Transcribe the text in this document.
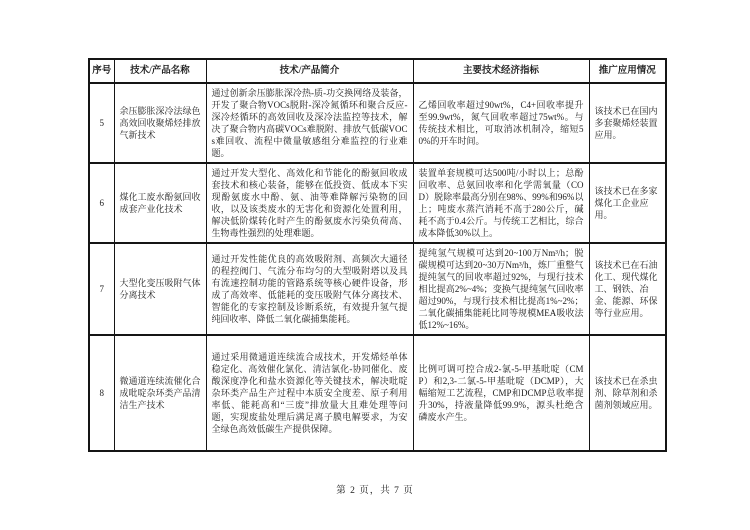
序号	技术/产品名称	技术/产品简介	主要技术经济指标	推广应用情况
5	余压膨胀深冷法绿色高效回收聚烯烃排放气新技术	通过创新余压膨胀深冷热-质-功交换网络及装备，开发了聚合物VOCs脱附-深冷氮循环和聚合反应-深冷烃循环的高效回收及深冷法监控等技术，解决了聚合物内高碳VOCs难脱附、排放气低碳VOCs难回收、流程中微量敏感组分难监控的行业难题。	乙烯回收率超过90wt%，C4+回收率提升至99.9wt%，氮气回收率超过75wt%。与传统技术相比，可取消冰机制冷，缩短50%的开车时间。	该技术已在国内多套聚烯烃装置应用。
6	煤化工废水酚氨回收成套产业化技术	通过开发大型化、高效化和节能化的酚氨回收成套技术和核心装备，能够在低投资、低成本下实现酚氨废水中酚、氨、油等难降解污染物的回收，以及该类废水的无害化和资源化处置利用，解决低阶煤转化时产生的酚氨废水污染负荷高、生物毒性强烈的处理难题。	装置单套规模可达500吨/小时以上；总酚回收率、总氨回收率和化学需氧量（COD）脱除率最高分别在98%、99%和96%以上；吨废水蒸汽消耗不高于280公斤，碱耗不高于0.4公斤。与传统工艺相比，综合成本降低30%以上。	该技术已在多家煤化工企业应用。
7	大型化变压吸附气体分离技术	通过开发性能优良的高效吸附剂、高频次大通径的程控阀门、气流分布均匀的大型吸附塔以及具有流速控制功能的管路系统等核心硬件设备，形成了高效率、低能耗的变压吸附气体分离技术、智能化的专家控制及诊断系统，有效提升氢气提纯回收率、降低二氧化碳捕集能耗。	提纯氢气规模可达到20~100万Nm³/h；脱碳规模可达到20~30万Nm³/h，炼厂重整气提纯氢气的回收率超过92%，与现行技术相比提高2%~4%；变换气提纯氢气回收率超过90%，与现行技术相比提高1%~2%；二氧化碳捕集能耗比同等规模MEA吸收法低12%~16%。	该技术已在石油化工、现代煤化工、钢铁、冶金、能源、环保等行业应用。
8	微通道连续流催化合成吡啶杂环类产品清洁生产技术	通过采用微通道连续流合成技术，开发烯烃单体稳定化、高效催化氯化、清洁氯化-协同催化、废酸深度净化和盐水资源化等关键技术，解决吡啶杂环类产品生产过程中本质安全度差、原子利用率低、能耗高和“三废”排放量大且难处理等问题，实现废盐处理后满足离子膜电解要求，为安全绿色高效低碳生产提供保障。	比例可调可控合成2-氯-5-甲基吡啶（CMP）和2,3-二氯-5-甲基吡啶（DCMP），大幅缩短工艺流程，CMP和DCMP总收率提升30%，持液量降低99.9%，源头杜绝含磷废水产生。	该技术已在杀虫剂、除草剂和杀菌剂领域应用。
第 2 页，共 7 页
